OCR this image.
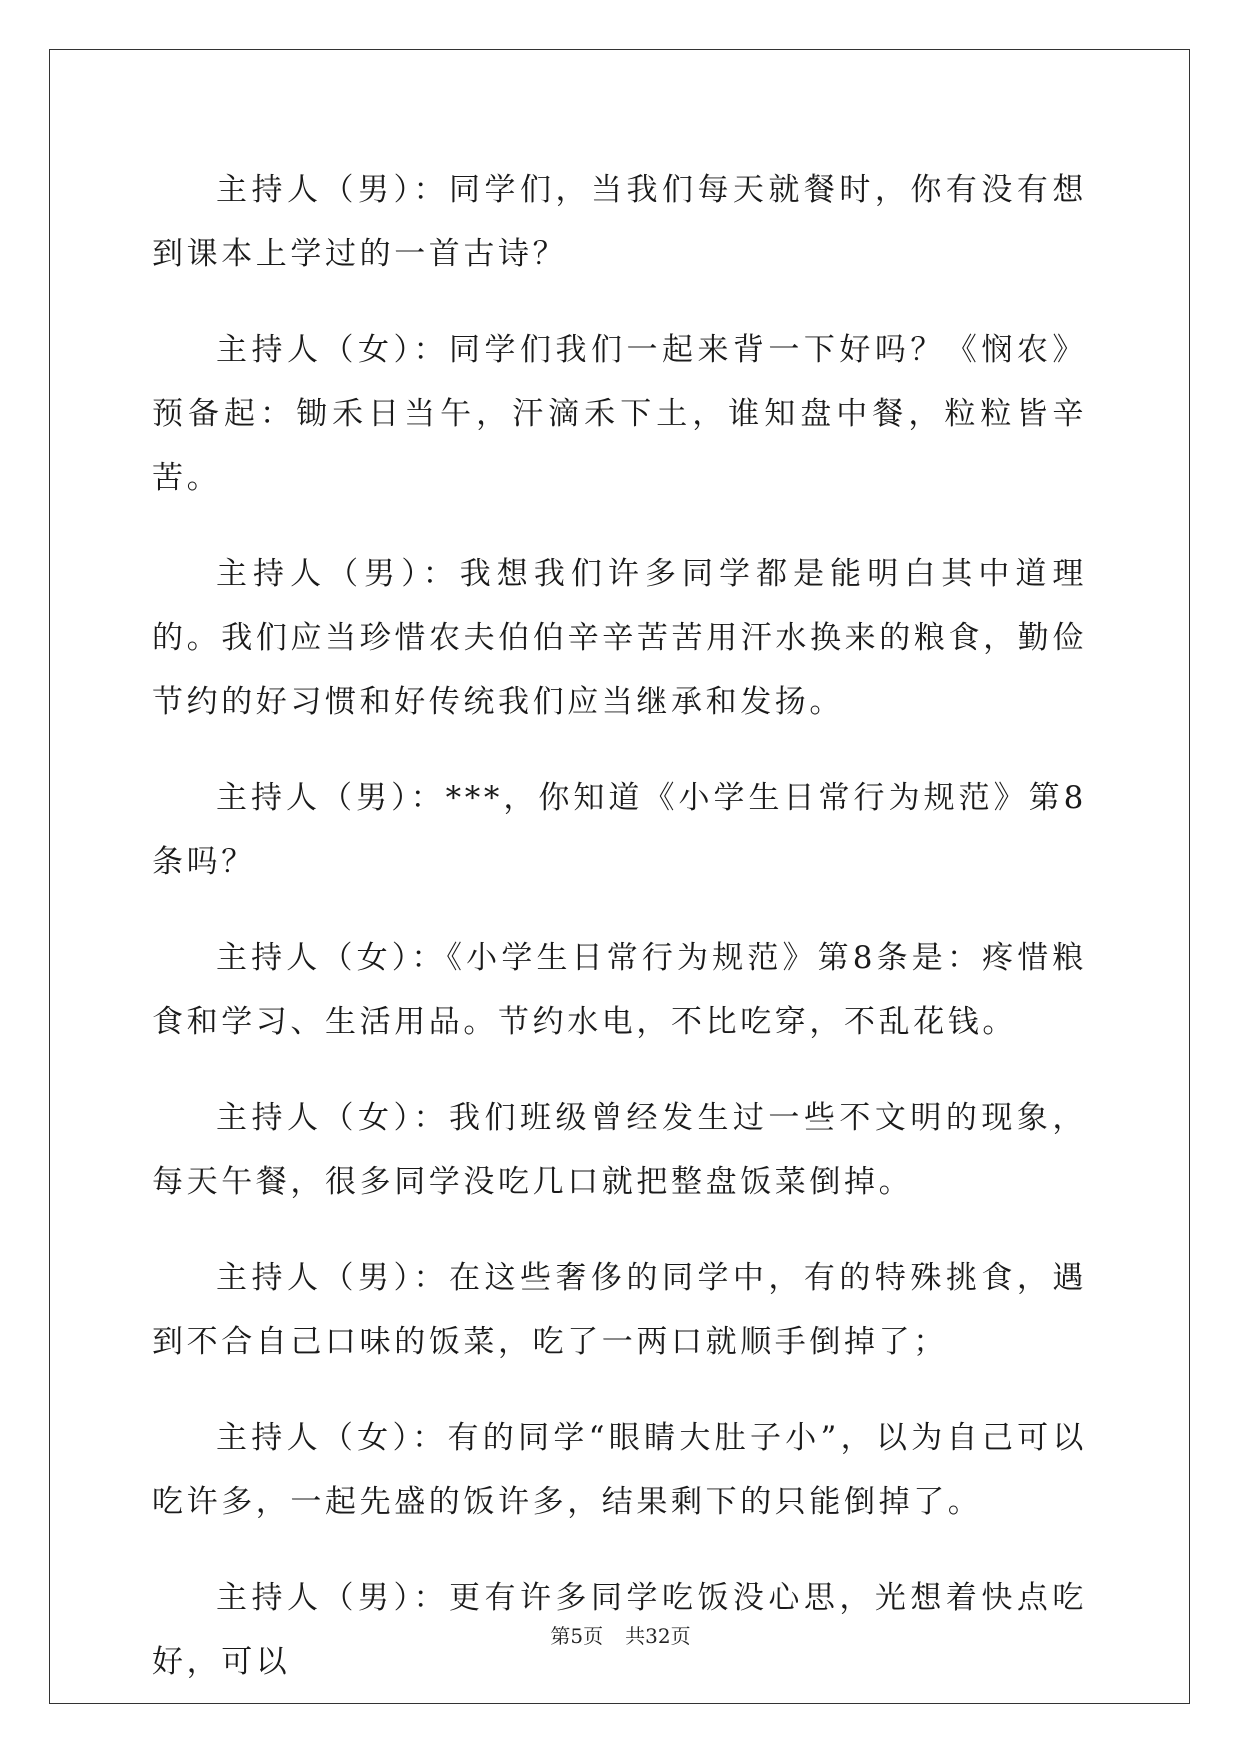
主持人（男）：同学们，当我们每天就餐时，你有没有想到课本上学过的一首古诗？

主持人（女）：同学们我们一起来背一下好吗？《悯农》预备起：锄禾日当午，汗滴禾下土，谁知盘中餐，粒粒皆辛苦。

主持人（男）：我想我们许多同学都是能明白其中道理的。我们应当珍惜农夫伯伯辛辛苦苦用汗水换来的粮食，勤俭节约的好习惯和好传统我们应当继承和发扬。

主持人（男）：***，你知道《小学生日常行为规范》第8条吗？

主持人（女）：《小学生日常行为规范》第8条是：疼惜粮食和学习、生活用品。节约水电，不比吃穿，不乱花钱。

主持人（女）：我们班级曾经发生过一些不文明的现象，每天午餐，很多同学没吃几口就把整盘饭菜倒掉。

主持人（男）：在这些奢侈的同学中，有的特殊挑食，遇到不合自己口味的饭菜，吃了一两口就顺手倒掉了；

主持人（女）：有的同学“眼睛大肚子小”，以为自己可以吃许多，一起先盛的饭许多，结果剩下的只能倒掉了。

主持人（男）：更有许多同学吃饭没心思，光想着快点吃好，可以

第5页 共32页
